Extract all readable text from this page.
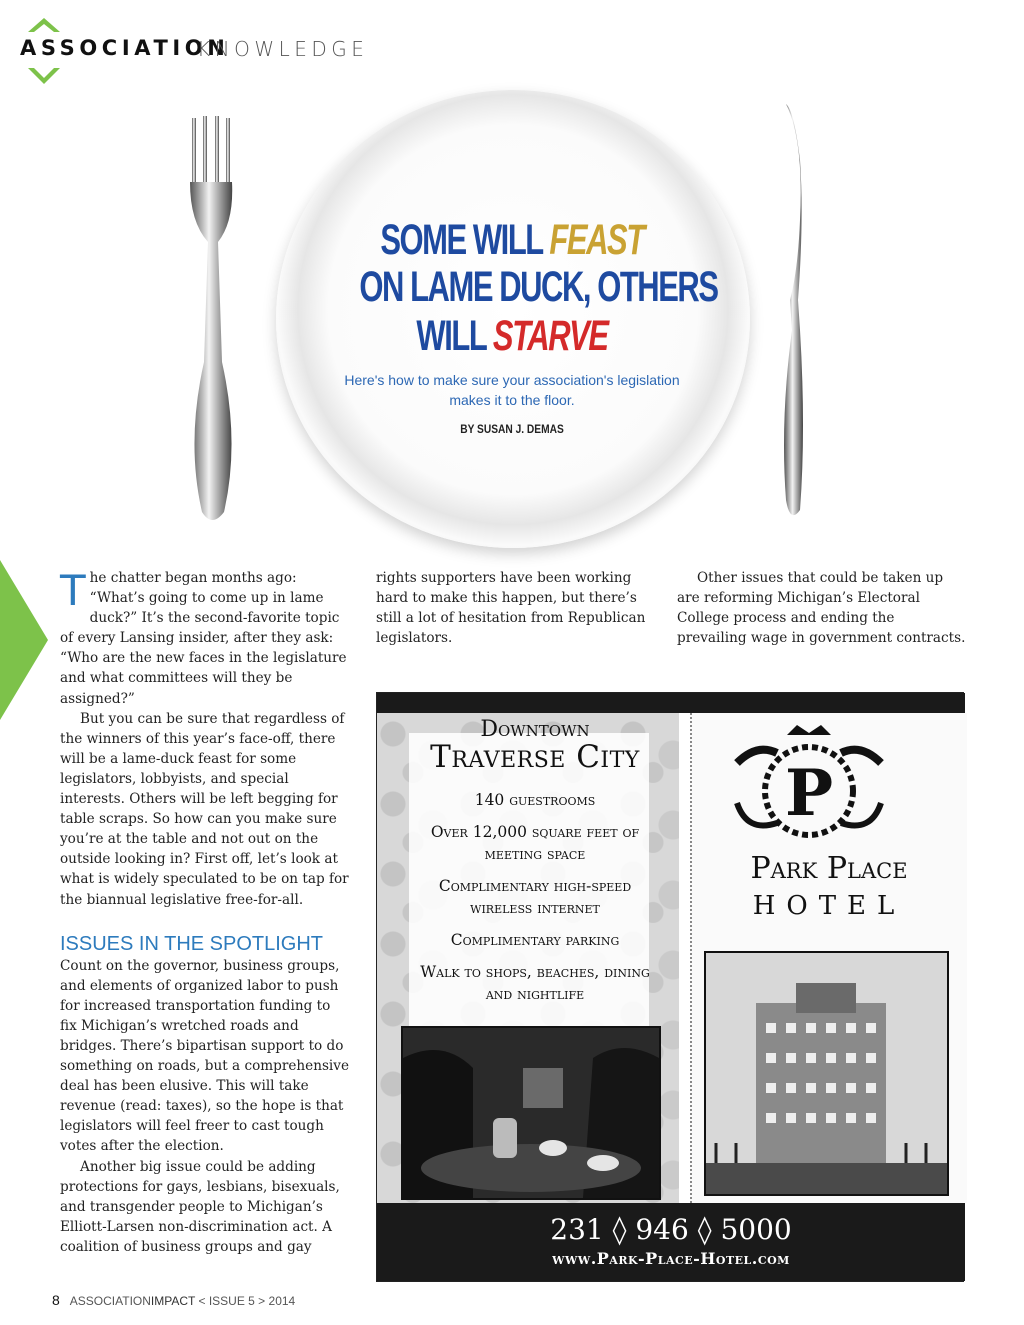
ASSOCIATION
KNOWLEDGE
SOME WILL FEAST
ON LAME DUCK, OTHERS
WILL STARVE
Here's how to make sure your association's legislation makes it to the floor.
BY SUSAN J. DEMAS

The chatter began months ago: “What’s going to come up in lame duck?” It’s the second-favorite topic of every Lansing insider, after they ask: “Who are the new faces in the legislature and what committees will they be assigned?”

But you can be sure that regardless of the winners of this year’s face-off, there will be a lame-duck feast for some legislators, lobbyists, and special interests. Others will be left begging for table scraps. So how can you make sure you’re at the table and not out on the outside looking in? First off, let’s look at what is widely speculated to be on tap for the biannual legislative free-for-all.

ISSUES IN THE SPOTLIGHT

Count on the governor, business groups, and elements of organized labor to push for increased transportation funding to fix Michigan’s wretched roads and bridges. There’s bipartisan support to do something on roads, but a comprehensive deal has been elusive. This will take revenue (read: taxes), so the hope is that legislators will feel freer to cast tough votes after the election.

Another big issue could be adding protections for gays, lesbians, bisexuals, and transgender people to Michigan’s Elliott-Larsen non-discrimination act. A coalition of business groups and gay

rights supporters have been working hard to make this happen, but there’s still a lot of hesitation from Republican legislators.

Other issues that could be taken up are reforming Michigan’s Electoral College process and ending the prevailing wage in government contracts.

Downtown
Traverse City
140 guestrooms
Over 12,000 square feet of meeting space
Complimentary high-speed wireless internet
Complimentary parking
Walk to shops, beaches, dining and nightlife
P
Park Place
HOTEL
231 ◊ 946 ◊ 5000
www.Park-Place-Hotel.com
8 ASSOCIATIONIMPACT < ISSUE 5 > 2014
